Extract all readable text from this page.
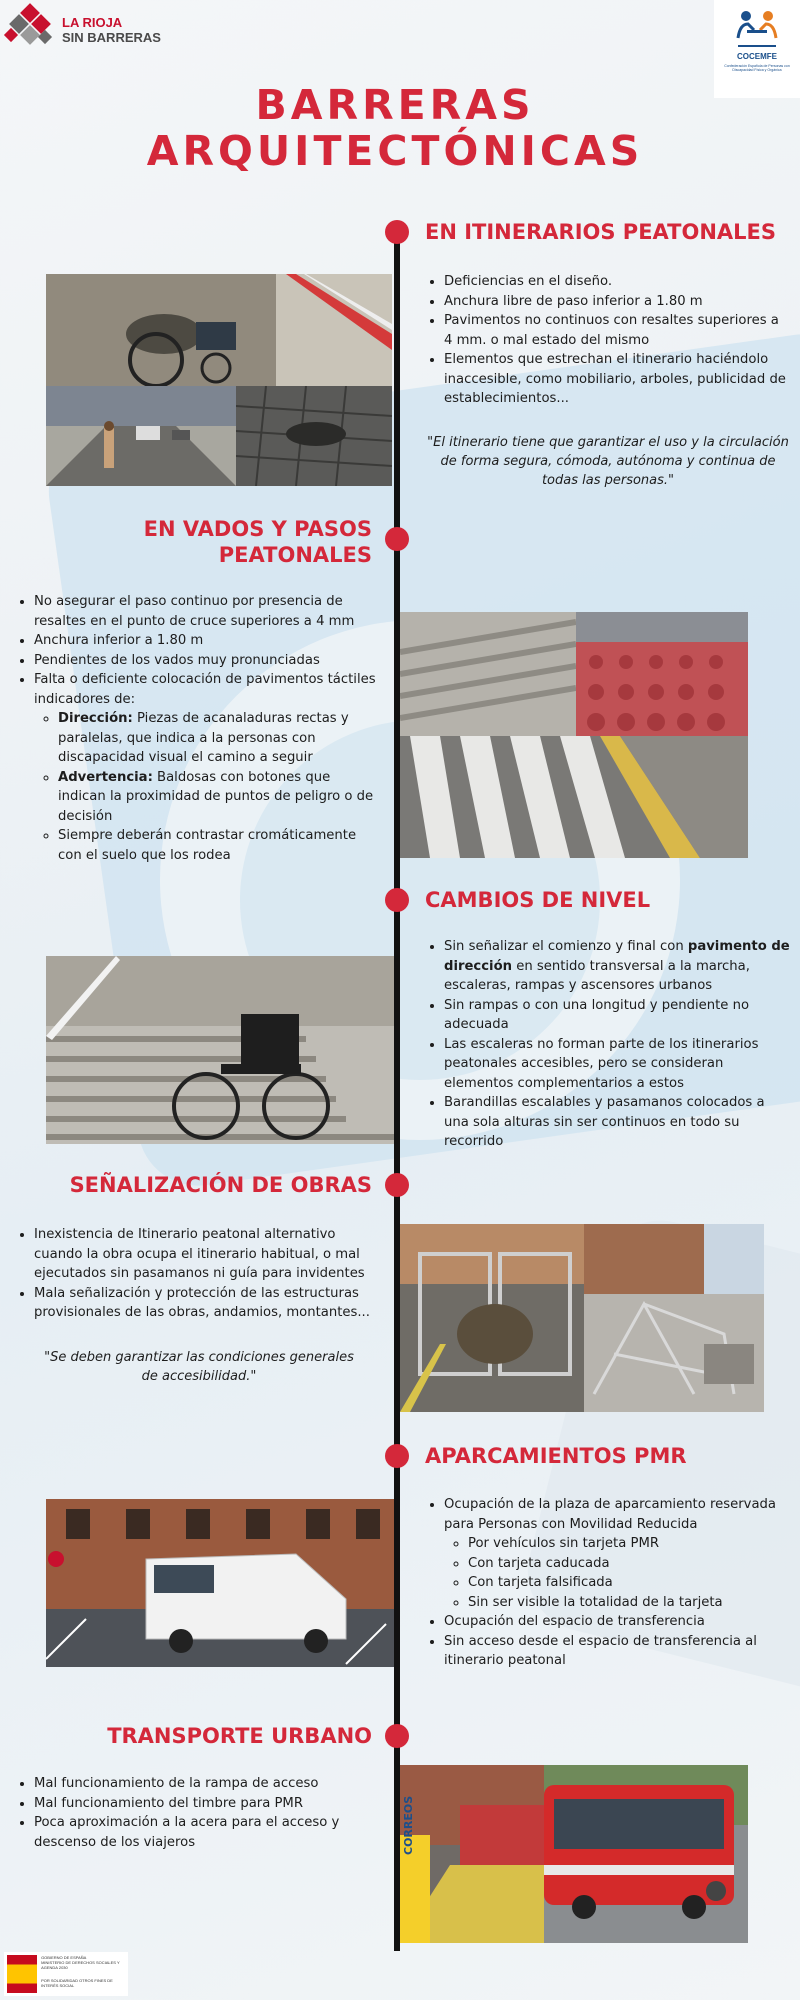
LA RIOJA
SIN BARRERAS
COCEMFE
Confederación Española de Personas con Discapacidad Física y Orgánica
BARRERAS
ARQUITECTÓNICAS
EN ITINERARIOS PEATONALES
• Deficiencias en el diseño.
• Anchura libre de paso inferior a 1.80 m
• Pavimentos no continuos con resaltes superiores a 4 mm. o mal estado del mismo
• Elementos que estrechan el itinerario haciéndolo inaccesible, como mobiliario, arboles, publicidad de establecimientos...
"El itinerario tiene que garantizar el uso y la circulación de forma segura, cómoda, autónoma y continua de todas las personas."
EN VADOS Y PASOS
PEATONALES
• No asegurar el paso continuo por presencia de resaltes en el punto de cruce superiores a 4 mm
• Anchura inferior a 1.80 m
• Pendientes de los vados muy pronunciadas
• Falta o deficiente colocación de pavimentos táctiles indicadores de:
◦ Dirección: Piezas de acanaladuras rectas y paralelas, que indica a la personas con discapacidad visual el camino a seguir
◦ Advertencia: Baldosas con botones que indican la proximidad de puntos de peligro o de decisión
◦ Siempre deberán contrastar cromáticamente con el suelo que los rodea
CAMBIOS DE NIVEL
• Sin señalizar el comienzo y final con pavimento de dirección en sentido transversal a la marcha, escaleras, rampas y ascensores urbanos
• Sin rampas o con una longitud y pendiente no adecuada
• Las escaleras no forman parte de los itinerarios peatonales accesibles, pero se consideran elementos complementarios a estos
• Barandillas escalables y pasamanos colocados a una sola alturas sin ser continuos en todo su recorrido
SEÑALIZACIÓN DE OBRAS
• Inexistencia de Itinerario peatonal alternativo cuando la obra ocupa el itinerario habitual, o mal ejecutados sin pasamanos ni guía para invidentes
• Mala señalización y protección de las estructuras provisionales de las obras, andamios, montantes...
"Se deben garantizar las condiciones generales de accesibilidad."
APARCAMIENTOS PMR
• Ocupación de la plaza de aparcamiento reservada para Personas con Movilidad Reducida
◦ Por vehículos sin tarjeta PMR
◦ Con tarjeta caducada
◦ Con tarjeta falsificada
◦ Sin ser visible la totalidad de la tarjeta
• Ocupación del espacio de transferencia
• Sin acceso desde el espacio de transferencia al itinerario peatonal
TRANSPORTE URBANO
• Mal funcionamiento de la rampa de acceso
• Mal funcionamiento del timbre para PMR
• Poca aproximación a la acera para el acceso y descenso de los viajeros	CORREOS
GOBIERNO DE ESPAÑA
MINISTERIO DE DERECHOS SOCIALES Y AGENDA 2030
POR SOLIDARIDAD OTROS FINES DE INTERÉS SOCIAL
